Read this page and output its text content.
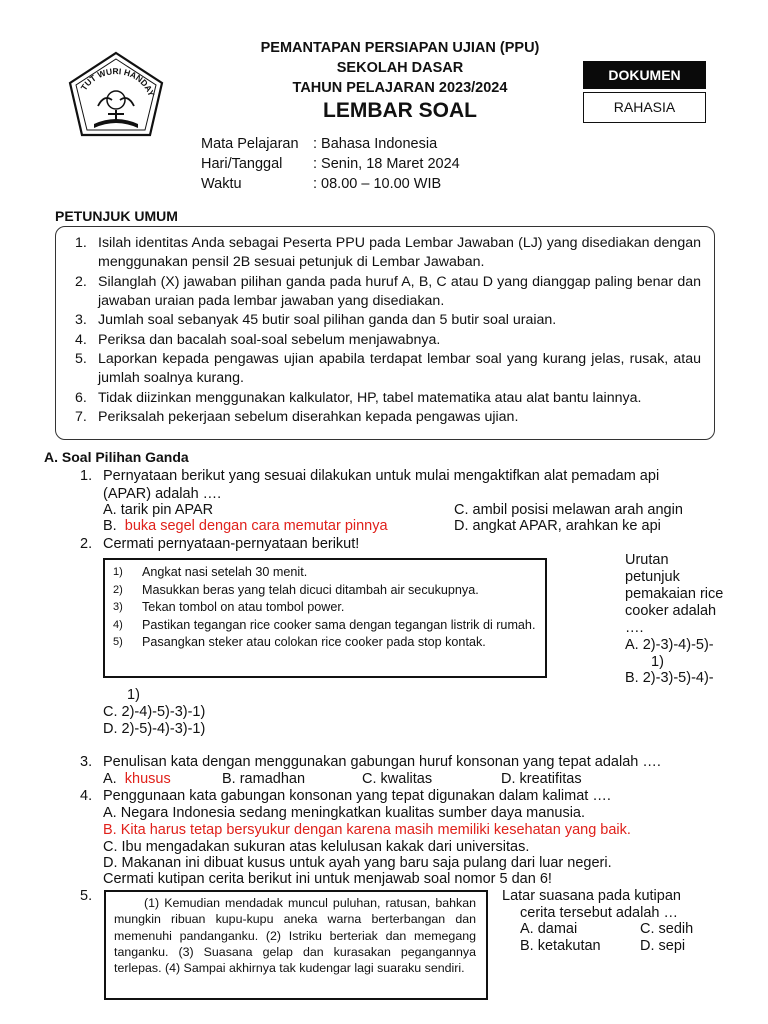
TUT WURI HANDAY
PEMANTAPAN PERSIAPAN UJIAN (PPU)
SEKOLAH DASAR
TAHUN PELAJARAN 2023/2024
LEMBAR SOAL
DOKUMEN
RAHASIA
Mata Pelajaran : Bahasa Indonesia
Hari/Tanggal : Senin, 18 Maret 2024
Waktu	: 08.00 – 10.00 WIB
PETUNJUK UMUM
1. Isilah identitas Anda sebagai Peserta PPU pada Lembar Jawaban (LJ) yang disediakan dengan menggunakan pensil 2B sesuai petunjuk di Lembar Jawaban.
2. Silanglah (X) jawaban pilihan ganda pada huruf A, B, C atau D yang dianggap paling benar dan jawaban uraian pada lembar jawaban yang disediakan.
3. Jumlah soal sebanyak 45 butir soal pilihan ganda dan 5 butir soal uraian.
4. Periksa dan bacalah soal-soal sebelum menjawabnya.
5. Laporkan kepada pengawas ujian apabila terdapat lembar soal yang kurang jelas, rusak, atau jumlah soalnya kurang.
6. Tidak diizinkan menggunakan kalkulator, HP, tabel matematika atau alat bantu lainnya.
7. Periksalah pekerjaan sebelum diserahkan kepada pengawas ujian.
A. Soal Pilihan Ganda
1. Pernyataan berikut yang sesuai dilakukan untuk mulai mengaktifkan alat pemadam api
(APAR) adalah ….
A. tarik pin APAR	C. ambil posisi melawan arah angin
B. buka segel dengan cara memutar pinnya	D. angkat APAR, arahkan ke api
2. Cermati pernyataan-pernyataan berikut!
1)	Angkat nasi setelah 30 menit.
2)	Masukkan beras yang telah dicuci ditambah air secukupnya.
3)	Tekan tombol on atau tombol power.
4)	Pastikan tegangan rice cooker sama dengan tegangan listrik di rumah.
5)	Pasangkan steker atau colokan rice cooker pada stop kontak.
Urutan
petunjuk
pemakaian rice
cooker adalah
….
A. 2)-3)-4)-5)-
1)
B. 2)-3)-5)-4)-
1)
C. 2)-4)-5)-3)-1)
D. 2)-5)-4)-3)-1)
3. Penulisan kata dengan menggunakan gabungan huruf konsonan yang tepat adalah ….
A. khusus	B. ramadhan	C. kwalitas	D. kreatifitas
4. Penggunaan kata gabungan konsonan yang tepat digunakan dalam kalimat ….
A. Negara Indonesia sedang meningkatkan kualitas sumber daya manusia.
B. Kita harus tetap bersyukur dengan karena masih memiliki kesehatan yang baik.
C. Ibu mengadakan sukuran atas kelulusan kakak dari universitas.
D. Makanan ini dibuat kusus untuk ayah yang baru saja pulang dari luar negeri.
Cermati kutipan cerita berikut ini untuk menjawab soal nomor 5 dan 6!
5.	(1) Kemudian mendadak muncul puluhan, ratusan, bahkan mungkin ribuan kupu-kupu aneka warna berterbangan dan memenuhi pandanganku. (2) Istriku berteriak dan memegang tanganku. (3) Suasana gelap dan kurasakan pegangannya terlepas. (4) Sampai akhirnya tak kudengar lagi suaraku sendiri.
Latar suasana pada kutipan
cerita tersebut adalah …
A. damai	C. sedih
B. ketakutan	D. sepi
